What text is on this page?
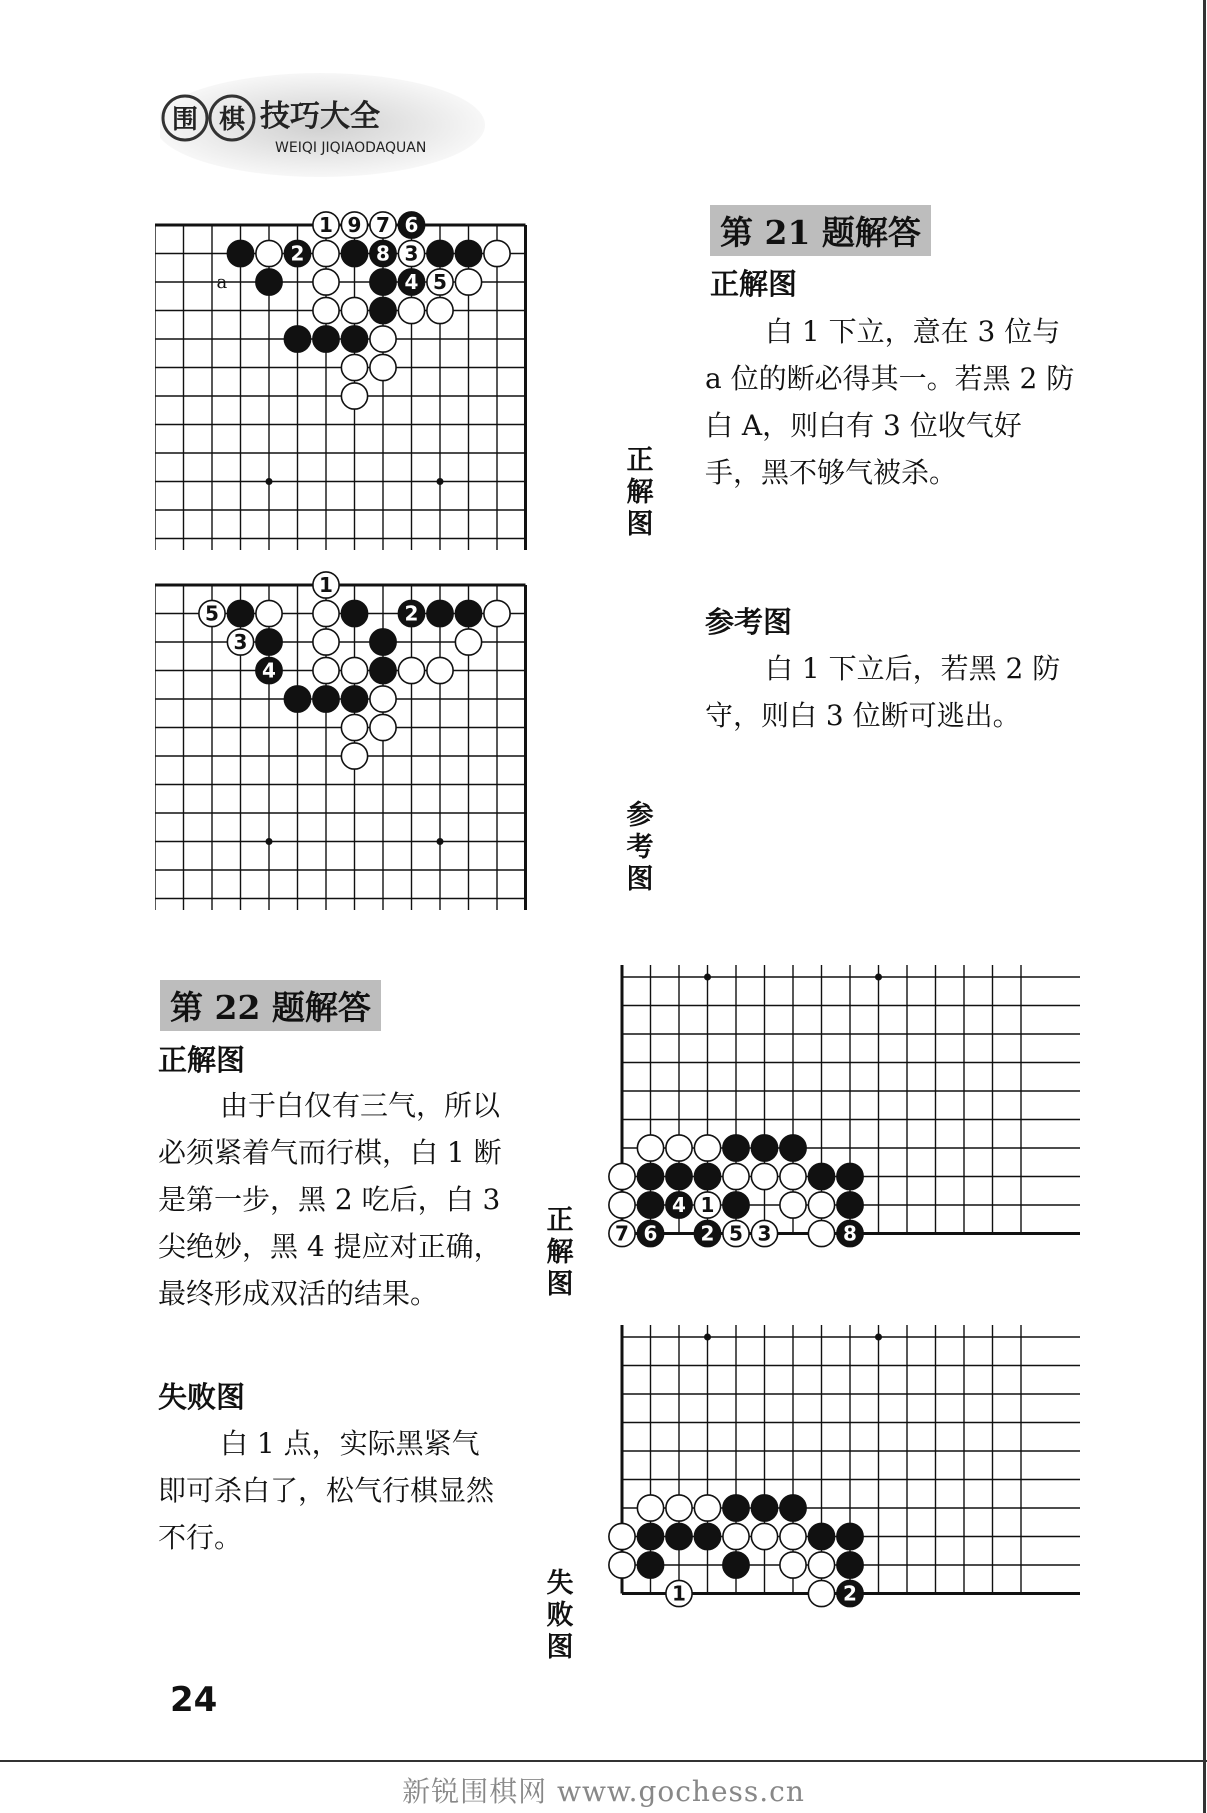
围 棋 技巧大全
WEIQI JIQIAODAQUAN
a
2	8 3
4 5
1 9 7 6
正
解
图
1
5	2
3
4
参
考
图
第 21 题解答
正解图
白 1 下立，意在 3 位与 a 位的断必得其一。若黑 2 防白 A，则白有 3 位收气好手，黑不够气被杀。
参考图
白 1 下立后，若黑 2 防守，则白 3 位断可逃出。
第 22 题解答
正解图
由于白仅有三气，所以必须紧着气而行棋，白 1 断是第一步，黑 2 吃后，白 3 尖绝妙，黑 4 提应对正确，最终形成双活的结果。
失败图
白 1 点，实际黑紧气即可杀白了，松气行棋显然不行。
正
解
图
失
败
图
4 1
7 6 2 5 3	8
1	2
24
新锐围棋网 www.gochess.cn
